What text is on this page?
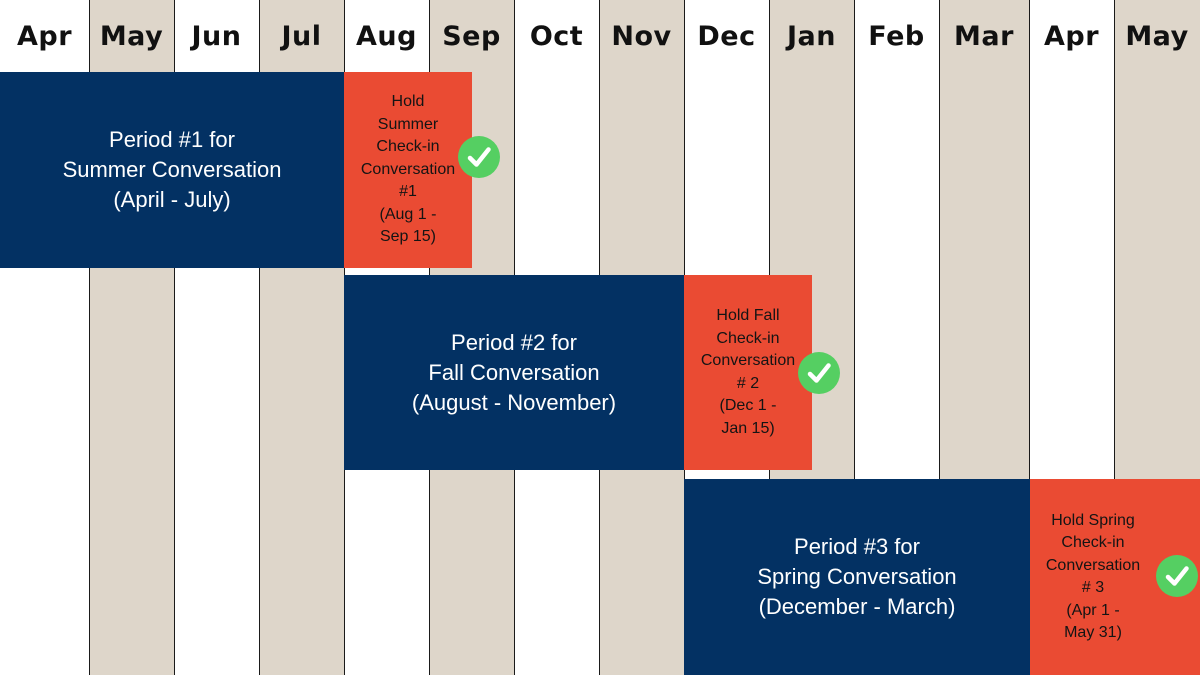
Apr	May	Jun	Jul	Aug Sep	Oct	Nov Dec	Jan	Feb	Mar	Apr May
Period #1 for
Summer Conversation
(April - July)
Hold
Summer
Check-in
Conversation
#1
(Aug 1 -
Sep 15)
Period #2 for
Fall Conversation
(August - November)
Hold Fall
Check-in
Conversation
# 2
(Dec 1 -
Jan 15)
Period #3 for
Spring Conversation
(December - March)
Hold Spring
Check-in
Conversation
# 3
(Apr 1 -
May 31)
